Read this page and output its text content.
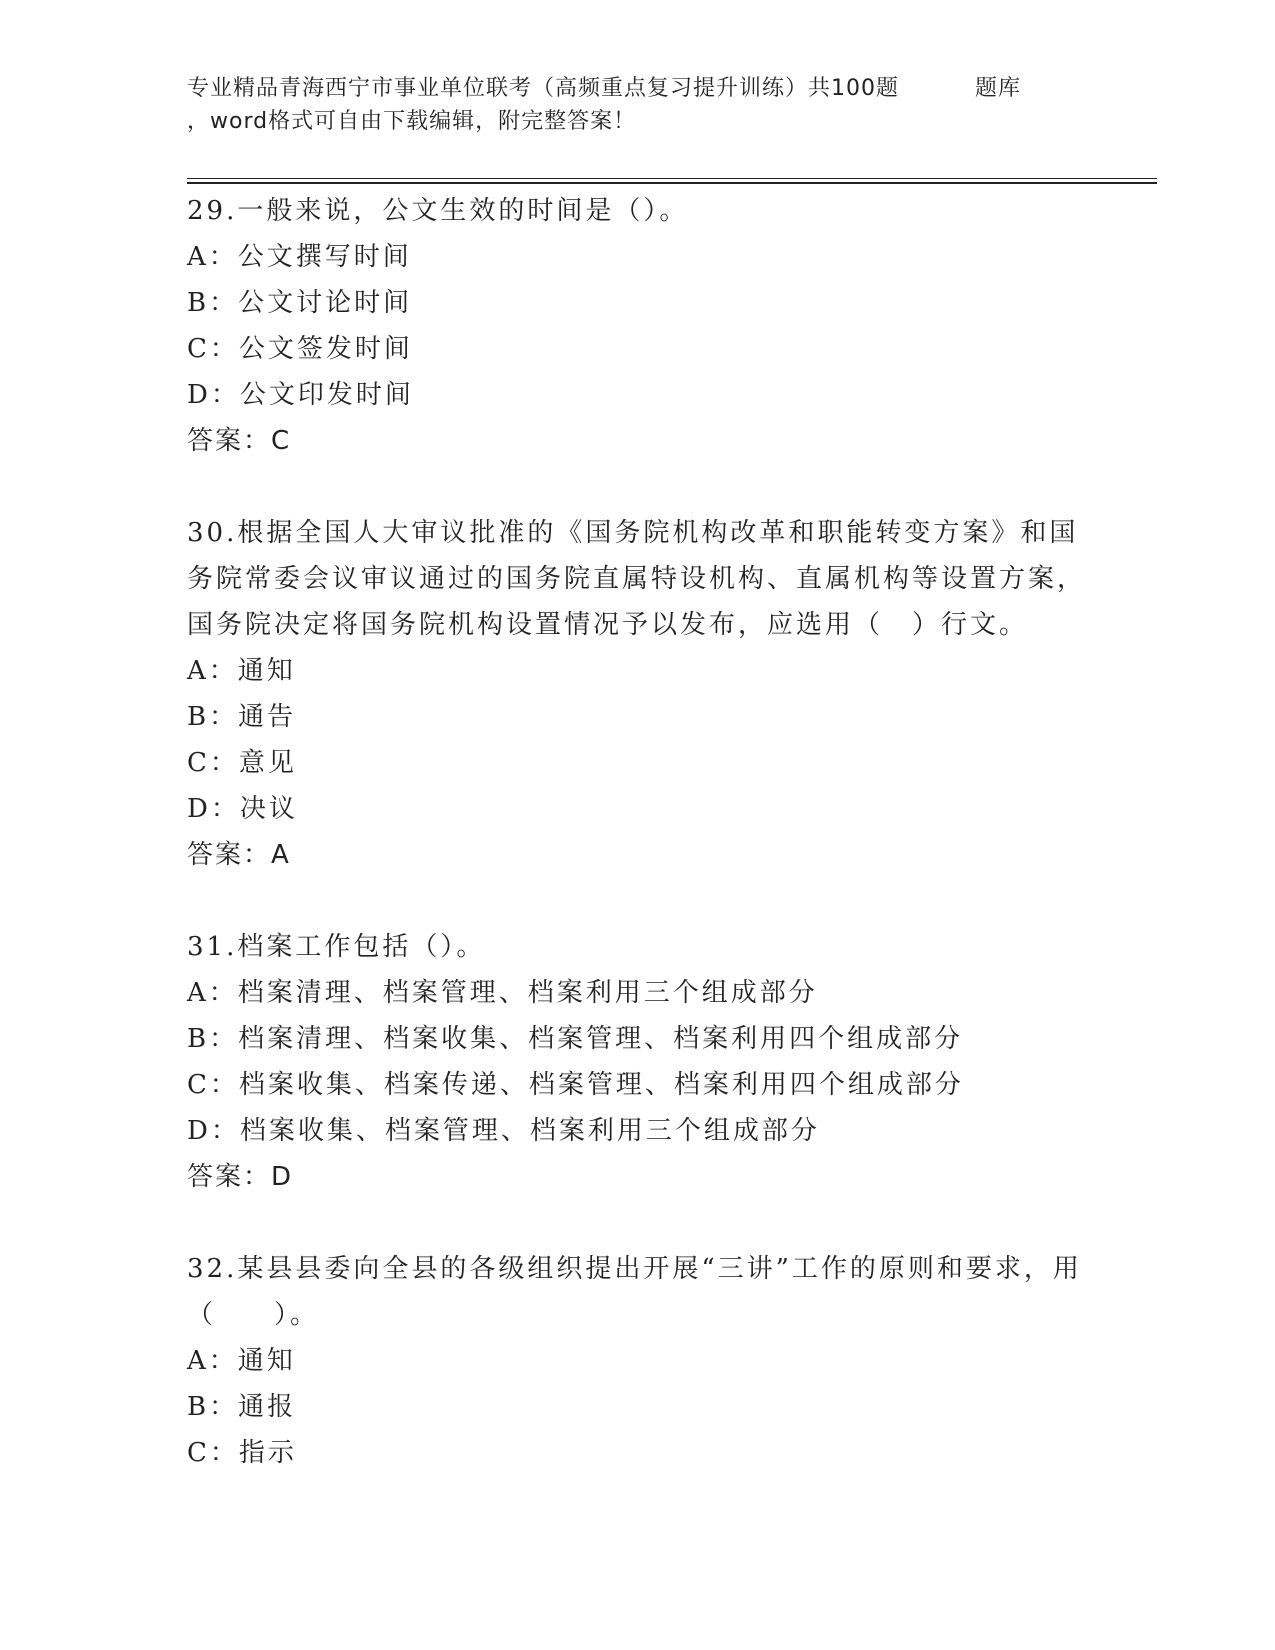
专业精品青海西宁市事业单位联考（高频重点复习提升训练）共100题	题库
，word格式可自由下载编辑，附完整答案！
29.一般来说，公文生效的时间是（）。
A：公文撰写时间
B：公文讨论时间
C：公文签发时间
D：公文印发时间
答案：C
30.根据全国人大审议批准的《国务院机构改革和职能转变方案》和国务院常委会议审议通过的国务院直属特设机构、直属机构等设置方案，国务院决定将国务院机构设置情况予以发布，应选用（　）行文。
A：通知
B：通告
C：意见
D：决议
答案：A
31.档案工作包括（）。
A：档案清理、档案管理、档案利用三个组成部分
B：档案清理、档案收集、档案管理、档案利用四个组成部分
C：档案收集、档案传递、档案管理、档案利用四个组成部分
D：档案收集、档案管理、档案利用三个组成部分
答案：D
32.某县县委向全县的各级组织提出开展“三讲”工作的原则和要求，用（　　）。
A：通知
B：通报
C：指示
